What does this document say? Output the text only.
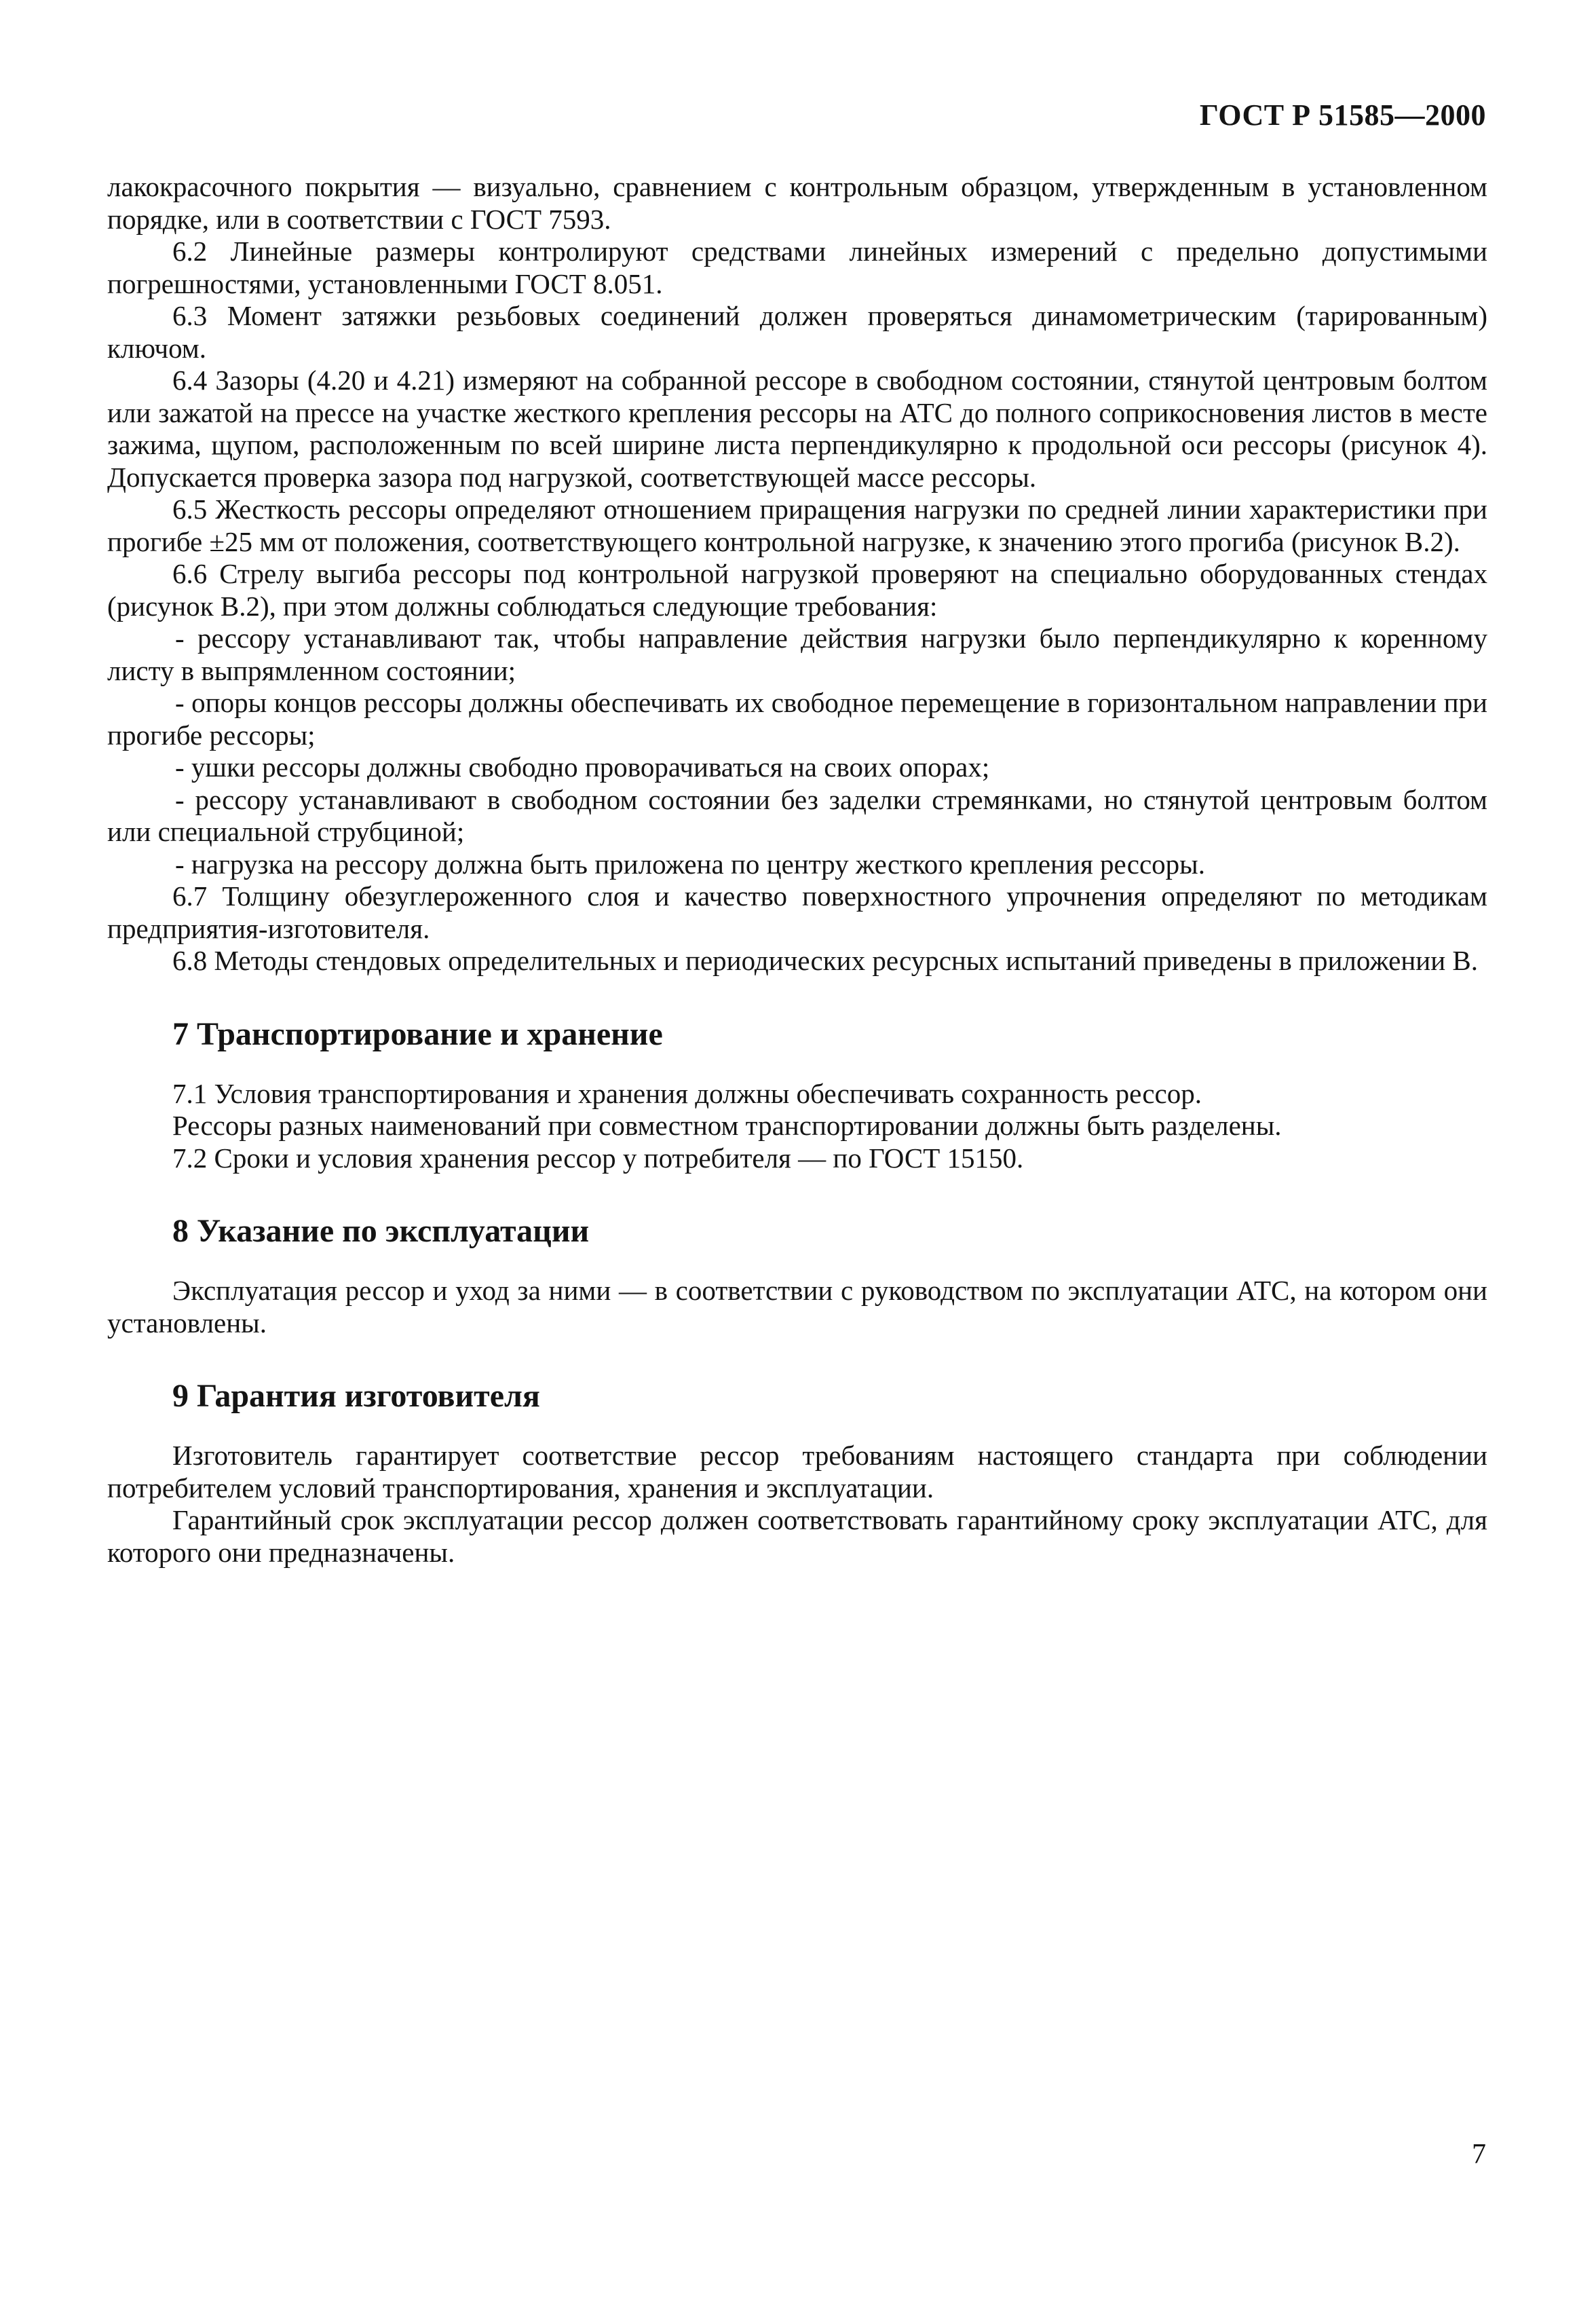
ГОСТ Р 51585—2000

лакокрасочного покрытия — визуально, сравнением с контрольным образцом, утвержденным в установленном порядке, или в соответствии с ГОСТ 7593.

6.2 Линейные размеры контролируют средствами линейных измерений с предельно допустимыми погрешностями, установленными ГОСТ 8.051.

6.3 Момент затяжки резьбовых соединений должен проверяться динамометрическим (тарированным) ключом.

6.4 Зазоры (4.20 и 4.21) измеряют на собранной рессоре в свободном состоянии, стянутой центровым болтом или зажатой на прессе на участке жесткого крепления рессоры на АТС до полного соприкосновения листов в месте зажима, щупом, расположенным по всей ширине листа перпендикулярно к продольной оси рессоры (рисунок 4). Допускается проверка зазора под нагрузкой, соответствующей массе рессоры.

6.5 Жесткость рессоры определяют отношением приращения нагрузки по средней линии характеристики при прогибе ±25 мм от положения, соответствующего контрольной нагрузке, к значению этого прогиба (рисунок В.2).

6.6 Стрелу выгиба рессоры под контрольной нагрузкой проверяют на специально оборудованных стендах (рисунок В.2), при этом должны соблюдаться следующие требования:

- рессору устанавливают так, чтобы направление действия нагрузки было перпендикулярно к коренному листу в выпрямленном состоянии;

- опоры концов рессоры должны обеспечивать их свободное перемещение в горизонтальном направлении при прогибе рессоры;

- ушки рессоры должны свободно проворачиваться на своих опорах;

- рессору устанавливают в свободном состоянии без заделки стремянками, но стянутой центровым болтом или специальной струбциной;

- нагрузка на рессору должна быть приложена по центру жесткого крепления рессоры.

6.7 Толщину обезуглероженного слоя и качество поверхностного упрочнения определяют по методикам предприятия-изготовителя.

6.8 Методы стендовых определительных и периодических ресурсных испытаний приведены в приложении В.

7 Транспортирование и хранение

7.1 Условия транспортирования и хранения должны обеспечивать сохранность рессор.

Рессоры разных наименований при совместном транспортировании должны быть разделены.

7.2 Сроки и условия хранения рессор у потребителя — по ГОСТ 15150.

8 Указание по эксплуатации

Эксплуатация рессор и уход за ними — в соответствии с руководством по эксплуатации АТС, на котором они установлены.

9 Гарантия изготовителя

Изготовитель гарантирует соответствие рессор требованиям настоящего стандарта при соблюдении потребителем условий транспортирования, хранения и эксплуатации.

Гарантийный срок эксплуатации рессор должен соответствовать гарантийному сроку эксплуатации АТС, для которого они предназначены.

7
